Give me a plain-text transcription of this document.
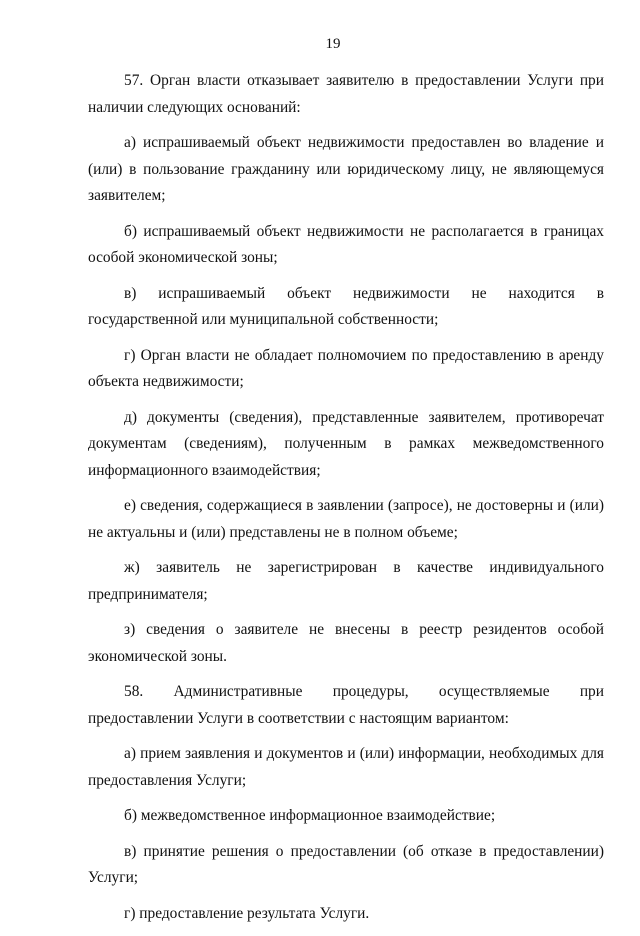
19

57. Орган власти отказывает заявителю в предоставлении Услуги при наличии следующих оснований:

а) испрашиваемый объект недвижимости предоставлен во владение и (или) в пользование гражданину или юридическому лицу, не являющемуся заявителем;

б) испрашиваемый объект недвижимости не располагается в границах особой экономической зоны;

в) испрашиваемый объект недвижимости не находится в государственной или муниципальной собственности;

г) Орган власти не обладает полномочием по предоставлению в аренду объекта недвижимости;

д) документы (сведения), представленные заявителем, противоречат документам (сведениям), полученным в рамках межведомственного информационного взаимодействия;

е) сведения, содержащиеся в заявлении (запросе), не достоверны и (или) не актуальны и (или) представлены не в полном объеме;

ж) заявитель не зарегистрирован в качестве индивидуального предпринимателя;

з) сведения о заявителе не внесены в реестр резидентов особой экономической зоны.

58. Административные процедуры, осуществляемые при предоставлении Услуги в соответствии с настоящим вариантом:

а) прием заявления и документов и (или) информации, необходимых для предоставления Услуги;

б) межведомственное информационное взаимодействие;

в) принятие решения о предоставлении (об отказе в предоставлении) Услуги;

г) предоставление результата Услуги.
